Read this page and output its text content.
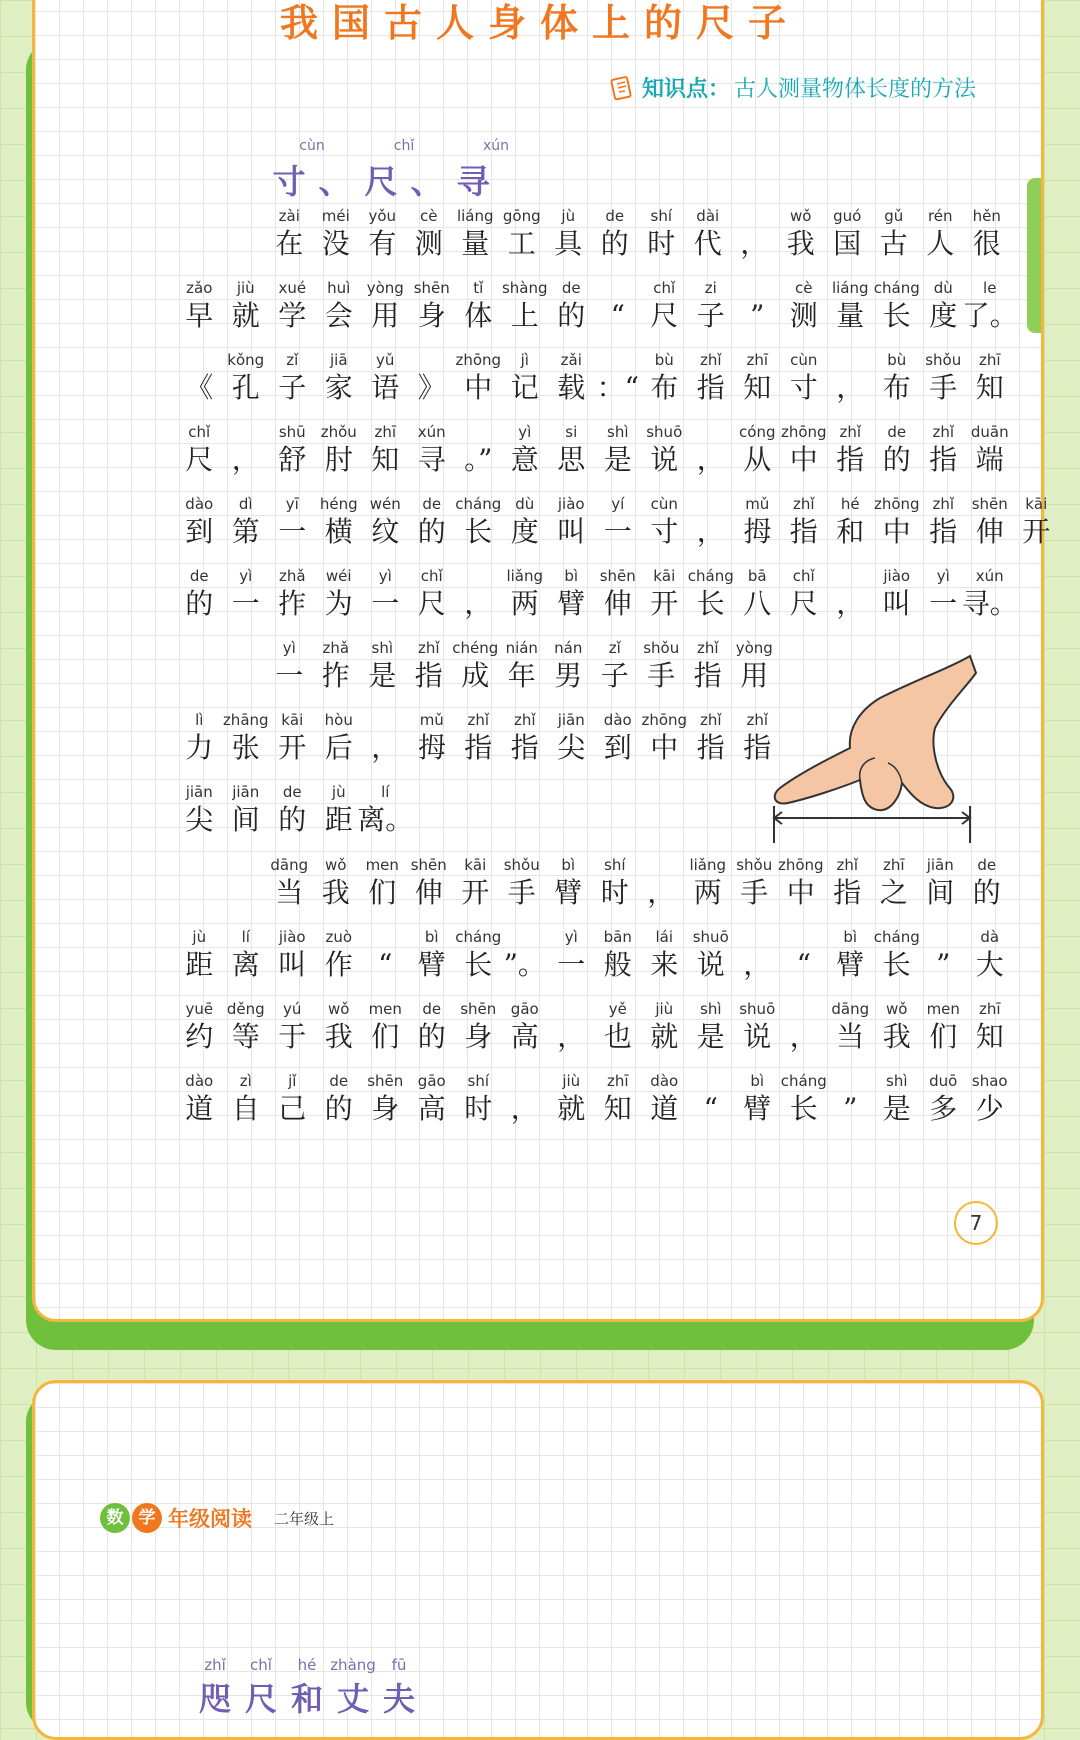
我国古人身体上的尺子
知识点： 古人测量物体长度的方法
cùn	chǐ	xún
寸 、 尺 、 寻
zài
在
méi
没
yǒu
有
cè
测
liáng
量
gōng
工
jù
具
de
的
shí
时
dài
代 ，
wǒ
我
guó
国
gǔ
古
rén
人
hěn
很
zǎo
早
jiù
就
xué
学
huì
会
yòng
用
shēn
身
tǐ
体
shàng
上
de
的 “
chǐ
尺
zi
子 ”
cè
测
liáng
量
cháng
长
dù
度
le
了。
《
kǒng
孔
zǐ
子
jiā
家
yǔ
语 》
zhōng
中
jì
记
zǎi
载 ：“
bù
布
zhǐ
指
zhī
知
cùn
寸 ，
bù
布
shǒu
手
zhī
知
chǐ
尺 ，
shū
舒
zhǒu
肘
zhī
知
xún
寻 。”
yì
意
si
思
shì
是
shuō
说 ，
cóng
从
zhōng
中
zhǐ
指
de
的
zhǐ
指
duān
端
dào
到
dì
第
yī
一
héng
横
wén
纹
de
的
cháng
长
dù
度
jiào
叫
yí
一
cùn
寸 ，
mǔ
拇
zhǐ
指
hé
和
zhōng
中
zhǐ
指
shēn
伸
kāi
开
de
的
yì
一
zhǎ
拃
wéi
为
yì
一
chǐ
尺 ，
liǎng
两
bì
臂
shēn
伸
kāi
开
cháng
长
bā
八
chǐ
尺 ，
jiào
叫
yì
一
xún
寻。
yì
一
zhǎ
拃
shì
是
zhǐ
指
chéng
成
nián
年
nán
男
zǐ
子
shǒu
手
zhǐ
指
yòng
用
lì
力
zhāng
张
kāi
开
hòu
后 ，
mǔ
拇
zhǐ
指
zhǐ
指
jiān
尖
dào
到
zhōng
中
zhǐ
指
zhǐ
指
jiān
尖
jiān
间
de
的
jù
距
lí
离。
dāng
当
wǒ
我
men
们
shēn
伸
kāi
开
shǒu
手
bì
臂
shí
时 ，
liǎng
两
shǒu
手
zhōng
中
zhǐ
指
zhī
之
jiān
间
de
的
jù
距
lí
离
jiào
叫
zuò
作 “
bì
臂
cháng
长 ”。
yì
一
bān
般
lái
来
shuō
说 ， “
bì
臂
cháng
长 ”
dà
大
yuē
约
děng
等
yú
于
wǒ
我
men
们
de
的
shēn
身
gāo
高 ，
yě
也
jiù
就
shì
是
shuō
说 ，
dāng
当
wǒ
我
men
们
zhī
知
dào
道
zì
自
jǐ
己
de
的
shēn
身
gāo
高
shí
时 ，
jiù
就
zhī
知
dào
道 “
bì
臂
cháng
长 ”
shì
是
duō
多
shao
少
7
数 学 年级阅读 二年级上
zhǐ	chǐ	hé zhàng	fū
咫 尺 和 丈 夫
